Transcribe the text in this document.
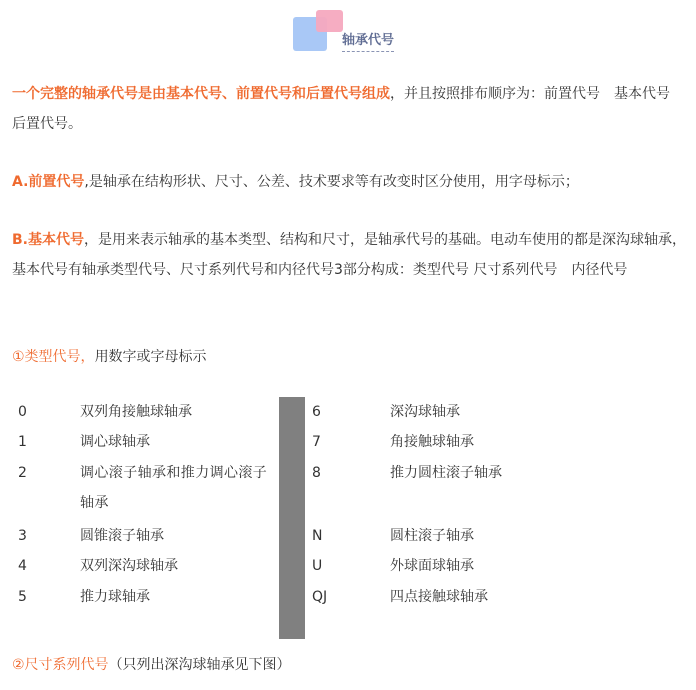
轴承代号

一个完整的轴承代号是由基本代号、前置代号和后置代号组成，并且按照排布顺序为：前置代号　基本代号　后置代号。

A.前置代号,是轴承在结构形状、尺寸、公差、技术要求等有改变时区分使用，用字母标示；

B.基本代号，是用来表示轴承的基本类型、结构和尺寸，是轴承代号的基础。电动车使用的都是深沟球轴承，基本代号有轴承类型代号、尺寸系列代号和内径代号3部分构成：类型代号 尺寸系列代号　内径代号

①类型代号，用数字或字母标示

0	双列角接触球轴承
1	调心球轴承
2	调心滚子轴承和推力调心滚子轴承
3	圆锥滚子轴承
4	双列深沟球轴承
5	推力球轴承
6	深沟球轴承
7	角接触球轴承
8	推力圆柱滚子轴承
N	圆柱滚子轴承
U	外球面球轴承
QJ	四点接触球轴承

②尺寸系列代号（只列出深沟球轴承见下图）
